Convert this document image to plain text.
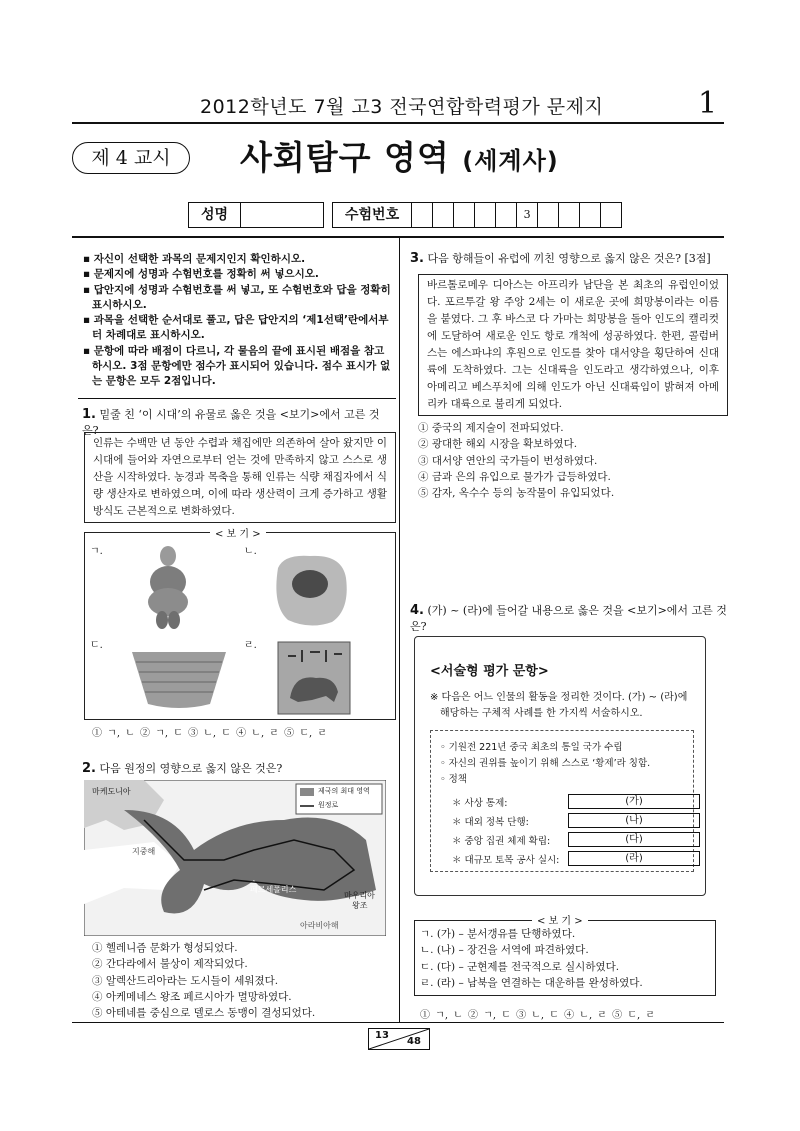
2012학년도 7월 고3 전국연합학력평가 문제지	1
제 4 교시	사회탐구 영역 (세계사)
성명	수험번호	3
▪ 자신이 선택한 과목의 문제지인지 확인하시오.
▪ 문제지에 성명과 수험번호를 정확히 써 넣으시오.
▪ 답안지에 성명과 수험번호를 써 넣고, 또 수험번호와 답을 정확히 표시하시오.
▪ 과목을 선택한 순서대로 풀고, 답은 답안지의 ‘제1선택’란에서부터 차례대로 표시하시오.
▪ 문항에 따라 배점이 다르니, 각 물음의 끝에 표시된 배점을 참고하시오. 3점 문항에만 점수가 표시되어 있습니다. 점수 표시가 없는 문항은 모두 2점입니다.
1. 밑줄 친 ‘이 시대’의 유물로 옳은 것을 <보기>에서 고른 것은?
인류는 수백만 년 동안 수렵과 채집에만 의존하여 살아 왔지만 이 시대에 들어와 자연으로부터 얻는 것에 만족하지 않고 스스로 생산을 시작하였다. 농경과 목축을 통해 인류는 식량 채집자에서 식량 생산자로 변하였으며, 이에 따라 생산력이 크게 증가하고 생활 방식도 근본적으로 변화하였다.
< 보 기 >
ㄱ.	ㄴ.
ㄷ.	ㄹ.
① ㄱ, ㄴ ② ㄱ, ㄷ ③ ㄴ, ㄷ ④ ㄴ, ㄹ ⑤ ㄷ, ㄹ
2. 다음 원정의 영향으로 옳지 않은 것은?
제국의 최대 영역
원정로
마케도니아
지중해
페르세폴리스
마우리아
왕조
아라비아해
① 헬레니즘 문화가 형성되었다.
② 간다라에서 불상이 제작되었다.
③ 알렉산드리아라는 도시들이 세워졌다.
④ 아케메네스 왕조 페르시아가 멸망하였다.
⑤ 아테네를 중심으로 델로스 동맹이 결성되었다.
3. 다음 항해들이 유럽에 끼친 영향으로 옳지 않은 것은? [3점]
바르톨로메우 디아스는 아프리카 남단을 본 최초의 유럽인이었다. 포르투갈 왕 주앙 2세는 이 새로운 곳에 희망봉이라는 이름을 붙였다. 그 후 바스코 다 가마는 희망봉을 돌아 인도의 캘리컷에 도달하여 새로운 인도 항로 개척에 성공하였다. 한편, 콜럼버스는 에스파냐의 후원으로 인도를 찾아 대서양을 횡단하여 신대륙에 도착하였다. 그는 신대륙을 인도라고 생각하였으나, 이후 아메리고 베스푸치에 의해 인도가 아닌 신대륙임이 밝혀져 아메리카 대륙으로 불리게 되었다.
① 중국의 제지술이 전파되었다.
② 광대한 해외 시장을 확보하였다.
③ 대서양 연안의 국가들이 번성하였다.
④ 금과 은의 유입으로 물가가 급등하였다.
⑤ 감자, 옥수수 등의 농작물이 유입되었다.
4. (가) ~ (라)에 들어갈 내용으로 옳은 것을 <보기>에서 고른 것은?
<서술형 평가 문항>
※ 다음은 어느 인물의 활동을 정리한 것이다. (가) ~ (라)에
해당하는 구체적 사례를 한 가지씩 서술하시오.
◦ 기원전 221년 중국 최초의 통일 국가 수립
◦ 자신의 권위를 높이기 위해 스스로 ‘황제’라 칭함.
◦ 정책
＊ 사상 통제:	(가)
＊ 대외 정복 단행:	(나)
＊ 중앙 집권 체제 확립:	(다)
＊ 대규모 토목 공사 실시:	(라)
< 보 기 >
ㄱ. (가) – 분서갱유를 단행하였다.
ㄴ. (나) – 장건을 서역에 파견하였다.
ㄷ. (다) – 군현제를 전국적으로 실시하였다.
ㄹ. (라) – 남북을 연결하는 대운하를 완성하였다.
① ㄱ, ㄴ ② ㄱ, ㄷ ③ ㄴ, ㄷ ④ ㄴ, ㄹ ⑤ ㄷ, ㄹ
13
48
